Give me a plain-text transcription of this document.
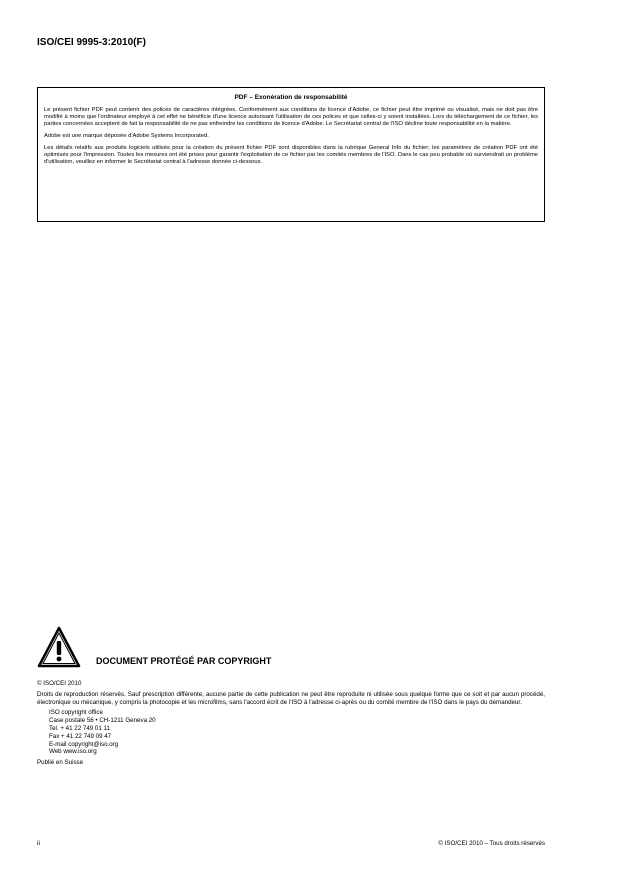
ISO/CEI 9995-3:2010(F)
PDF – Exonération de responsabilité

Le présent fichier PDF peut contenir des polices de caractères intégrées. Conformément aux conditions de licence d'Adobe, ce fichier peut être imprimé ou visualisé, mais ne doit pas être modifié à moins que l'ordinateur employé à cet effet ne bénéficie d'une licence autorisant l'utilisation de ces polices et que celles-ci y soient installées. Lors du téléchargement de ce fichier, les parties concernées acceptent de fait la responsabilité de ne pas enfreindre les conditions de licence d'Adobe. Le Secrétariat central de l'ISO décline toute responsabilité en la matière.

Adobe est une marque déposée d'Adobe Systems Incorporated.

Les détails relatifs aux produits logiciels utilisés pour la création du présent fichier PDF sont disponibles dans la rubrique General Info du fichier; les paramètres de création PDF ont été optimisés pour l'impression. Toutes les mesures ont été prises pour garantir l'exploitation de ce fichier par les comités membres de l'ISO. Dans le cas peu probable où surviendrait un problème d'utilisation, veuillez en informer le Secrétariat central à l'adresse donnée ci-dessous.

DOCUMENT PROTÉGÉ PAR COPYRIGHT

© ISO/CEI 2010

Droits de reproduction réservés. Sauf prescription différente, aucune partie de cette publication ne peut être reproduite ni utilisée sous quelque forme que ce soit et par aucun procédé, électronique ou mécanique, y compris la photocopie et les microfilms, sans l'accord écrit de l'ISO à l'adresse ci-après ou du comité membre de l'ISO dans le pays du demandeur.

ISO copyright office
Case postale 56 • CH-1211 Geneva 20
Tel. + 41 22 749 01 11
Fax + 41 22 749 09 47
E-mail copyright@iso.org
Web www.iso.org

Publié en Suisse

ii	© ISO/CEI 2010 – Tous droits réservés
